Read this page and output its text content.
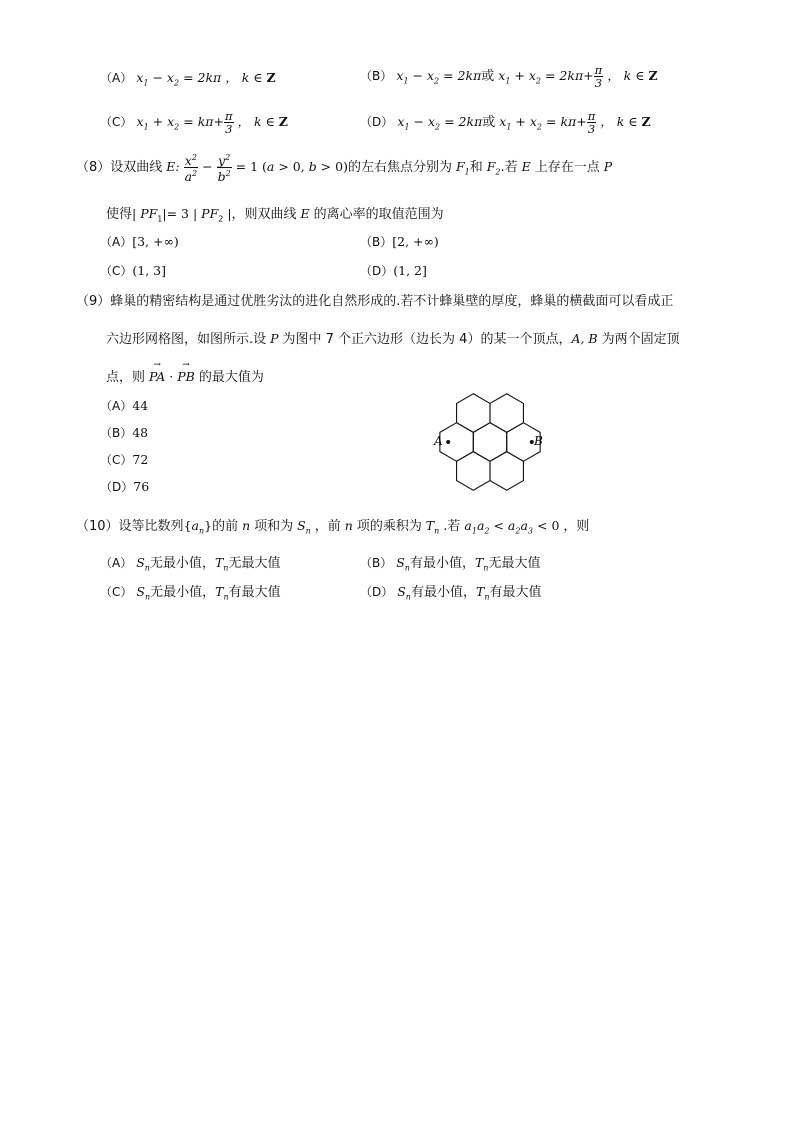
（A） $x_1 - x_2 = 2k\pi$ ， k ∈ Z	（B） $x_1 - x_2 = 2k\pi$或 $x_1 + x_2 = 2k\pi+ \frac{\pi}{3}$ ， k ∈ Z
（C） $x_1 + x_2 = k\pi+ \frac{\pi}{3}$ ， k ∈ Z	（D） $x_1 - x_2 = 2k\pi$或 $x_1 + x_2 = k\pi+ \frac{\pi}{3}$ ， k ∈ Z
（8）设双曲线 E: $\frac{x^2}{a^2} - \frac{y^2}{b^2} = 1$ (a > 0, b > 0)的左右焦点分别为 $F_1$和 $F_2$.若 E 上存在一点 P
使得| $PF_1|= 3$ | $PF_2$ |，则双曲线 E 的离心率的取值范围为
（A）[3, +∞)	（B）[2, +∞)
（C）(1, 3]	（D）(1, 2]
（9）蜂巢的精密结构是通过优胜劣汰的进化自然形成的.若不计蜂巢壁的厚度，蜂巢的横截面可以看成正
六边形网格图，如图所示.设 P 为图中 7 个正六边形（边长为 4）的某一个顶点，A, B 为两个固定顶
点，则 → PA · → PB 的最大值为
（A）44
（B）48
（C）72
（D）76
A	B
（10）设等比数列$\{a_n\}$的前 n 项和为 $S_n$ ，前 n 项的乘积为 $T_n$ .若 $a_1a_2 < a_2a_3 < 0$ ，则
（A） $S_n$无最小值，$T_n$无最大值	（B） $S_n$有最小值，$T_n$无最大值
（C） $S_n$无最小值，$T_n$有最大值	（D） $S_n$有最小值，$T_n$有最大值
